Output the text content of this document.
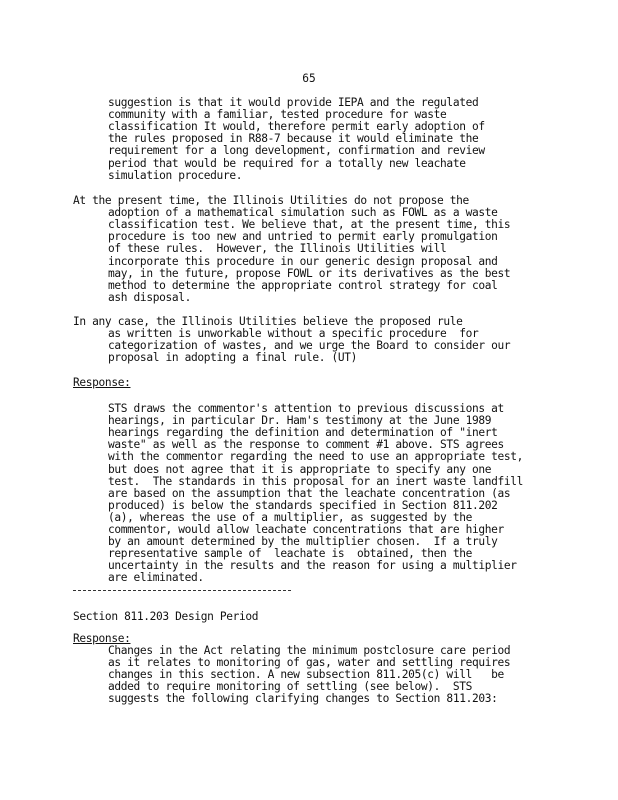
65
suggestion is that it would provide IEPA and the regulated
community with a familiar, tested procedure for waste
classification It would, therefore permit early adoption of
the rules proposed in R88-7 because it would eliminate the
requirement for a long development, confirmation and review
period that would be required for a totally new leachate
simulation procedure.
At the present time, the Illinois Utilities do not propose the
adoption of a mathematical simulation such as FOWL as a waste
classification test. We believe that, at the present time, this
procedure is too new and untried to permit early promulgation
of these rules.  However, the Illinois Utilities will
incorporate this procedure in our generic design proposal and
may, in the future, propose FOWL or its derivatives as the best
method to determine the appropriate control strategy for coal
ash disposal.
In any case, the Illinois Utilities believe the proposed rule
as written is unworkable without a specific procedure  for
categorization of wastes, and we urge the Board to consider our
proposal in adopting a final rule. (UT)
Response:
STS draws the commentor's attention to previous discussions at
hearings, in particular Dr. Ham's testimony at the June 1989
hearings regarding the definition and determination of "inert
waste" as well as the response to comment #1 above. STS agrees
with the commentor regarding the need to use an appropriate test,
but does not agree that it is appropriate to specify any one
test.  The standards in this proposal for an inert waste landfill
are based on the assumption that the leachate concentration (as
produced) is below the standards specified in Section 811.202
(a), whereas the use of a multiplier, as suggested by the
commentor, would allow leachate concentrations that are higher
by an amount determined by the multiplier chosen.  If a truly
representative sample of  leachate is  obtained, then the
uncertainty in the results and the reason for using a multiplier
are eliminated.
Section 811.203 Design Period
Response:
Changes in the Act relating the minimum postclosure care period
as it relates to monitoring of gas, water and settling requires
changes in this section. A new subsection 811.205(c) will   be
added to require monitoring of settling (see below).  STS
suggests the following clarifying changes to Section 811.203:
